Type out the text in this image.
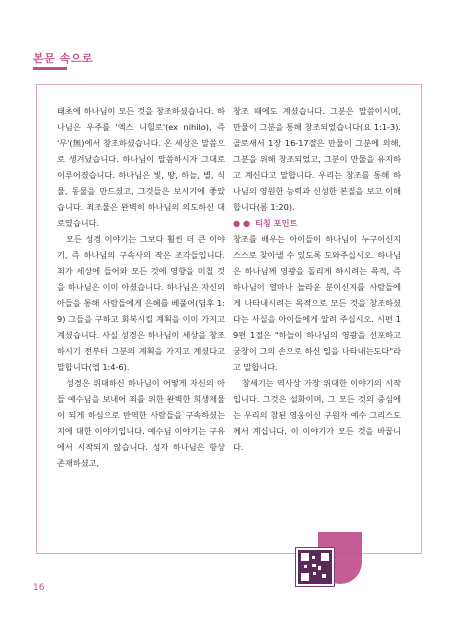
본문 속으로

태초에 하나님이 모든 것을 창조하셨습니다. 하나님은 우주를 '엑스 니힐로'(ex nihilo), 즉 '무'(無)에서 창조하셨습니다. 온 세상은 말씀으로 생겨났습니다. 하나님이 말씀하시자 그대로 이루어졌습니다. 하나님은 빛, 땅, 하늘, 별, 식물, 동물을 만드셨고, 그것들은 보시기에 좋았습니다. 죄조물은 완벽히 하나님의 의도하신 대로였습니다.

모든 성경 이야기는 그보다 훨씬 더 큰 이야기, 즉 하나님의 구속사의 작은 조각들입니다. 죄가 세상에 들어와 모든 것에 영향을 미칠 것을 하나님은 이미 아셨습니다. 하나님은 자신의 아들을 통해 사람들에게 은혜를 베풀어(딤후 1:9) 그들을 구하고 회복시킬 계획을 이미 가지고 계셨습니다. 사실 성경은 하나님이 세상을 창조하시기 전부터 그분의 계획을 가지고 계셨다고 말합니다(엡 1:4-6).

성경은 위대하신 하나님이 어떻게 자신의 아들 예수님을 보내어 죄를 위한 완벽한 희생제물이 되게 하심으로 반역한 사람들을 구속하셨는지에 대한 이야기입니다. 예수님 이야기는 구유에서 시작되지 않습니다. 성자 하나님은 항상 존재하셨고,

창조 때에도 계셨습니다. 그분은 말씀이시며, 만물이 그분을 통해 창조되었습니다(요 1:1-3). 골로새서 1장 16-17절은 만물이 그분에 의해, 그분을 위해 창조되었고, 그분이 만물을 유지하고 계신다고 말합니다. 우리는 창조를 통해 하나님의 영원한 능력과 신성한 본질을 보고 이해합니다(롬 1:20).

● ● 티칭 포인트

창조를 배우는 아이들이 하나님이 누구이신지 스스로 찾아낼 수 있도록 도와주십시오. 하나님은 하나님께 영광을 돌리게 하시려는 목적, 즉 하나님이 얼마나 놀라운 분이신지를 사람들에게 나타내시려는 목적으로 모든 것을 창조하셨다는 사실을 아이들에게 알려 주십시오. 시편 19편 1절은 "하늘이 하나님의 영광을 선포하고 궁창이 그의 손으로 하신 일을 나타내는도다"라고 말합니다.

창세기는 역사상 가장 위대한 이야기의 시작입니다. 그것은 설화이며, 그 모든 것의 중심에는 우리의 참된 영웅이신 구원자 예수 그리스도께서 계십니다. 이 이야기가 모든 것을 바꿉니다.

16
